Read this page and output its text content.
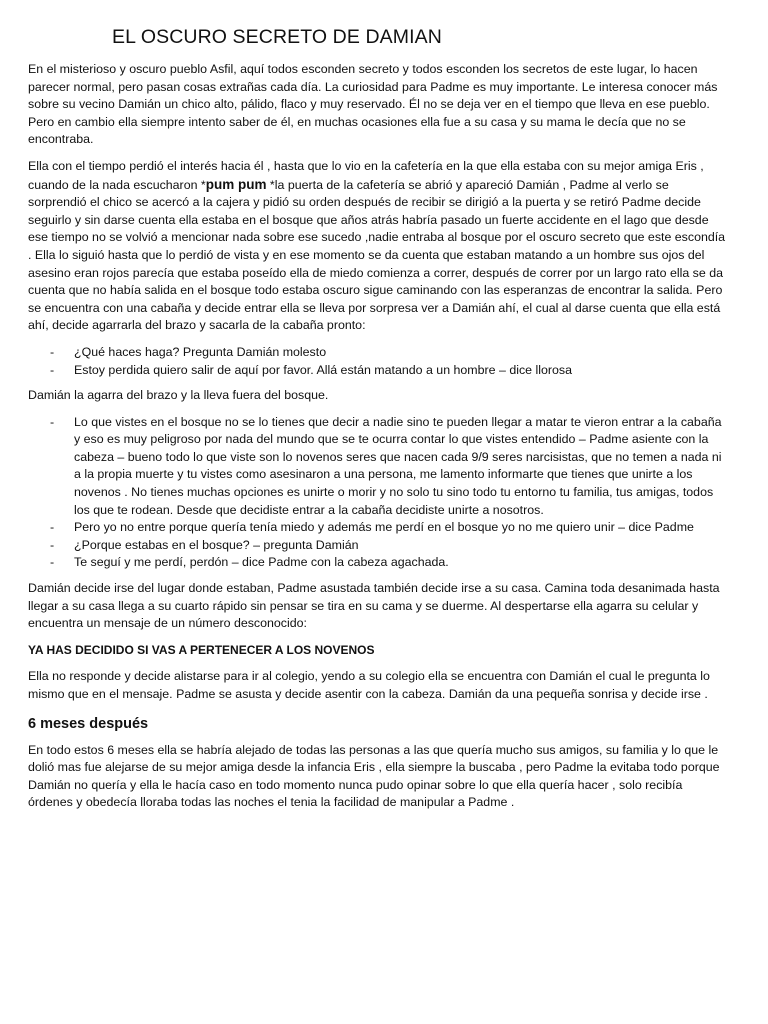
EL OSCURO SECRETO DE DAMIAN

En el misterioso y oscuro pueblo Asfil, aquí todos esconden secreto y todos esconden los secretos de este lugar, lo hacen parecer normal, pero pasan cosas extrañas cada día. La curiosidad para Padme es muy importante. Le interesa conocer más sobre su vecino Damián un chico alto, pálido, flaco y muy reservado. Él no se deja ver en el tiempo que lleva en ese pueblo. Pero en cambio ella siempre intento saber de él, en muchas ocasiones ella fue a su casa y su mama le decía que no se encontraba.

Ella con el tiempo perdió el interés hacia él , hasta que lo vio en la cafetería en la que ella estaba con su mejor amiga Eris , cuando de la nada escucharon *pum pum *la puerta de la cafetería se abrió y apareció Damián , Padme al verlo se sorprendió el chico se acercó a la cajera y pidió su orden después de recibir se dirigió a la puerta y se retiró Padme decide seguirlo y sin darse cuenta ella estaba en el bosque que años atrás habría pasado un fuerte accidente en el lago que desde ese tiempo no se volvió a mencionar nada sobre ese sucedo ,nadie entraba al bosque por el oscuro secreto que este escondía . Ella lo siguió hasta que lo perdió de vista y en ese momento se da cuenta que estaban matando a un hombre sus ojos del asesino eran rojos parecía que estaba poseído ella de miedo comienza a correr, después de correr por un largo rato ella se da cuenta que no había salida en el bosque todo estaba oscuro sigue caminando con las esperanzas de encontrar la salida. Pero se encuentra con una cabaña y decide entrar ella se lleva por sorpresa ver a Damián ahí, el cual al darse cuenta que ella está ahí, decide agarrarla del brazo y sacarla de la cabaña pronto:

- ¿Qué haces haga? Pregunta Damián molesto
- Estoy perdida quiero salir de aquí por favor. Allá están matando a un hombre – dice llorosa

Damián la agarra del brazo y la lleva fuera del bosque.

- Lo que vistes en el bosque no se lo tienes que decir a nadie sino te pueden llegar a matar te vieron entrar a la cabaña y eso es muy peligroso por nada del mundo que se te ocurra contar lo que vistes entendido – Padme asiente con la cabeza – bueno todo lo que viste son lo novenos seres que nacen cada 9/9 seres narcisistas, que no temen a nada ni a la propia muerte y tu vistes como asesinaron a una persona, me lamento informarte que tienes que unirte a los novenos . No tienes muchas opciones es unirte o morir y no solo tu sino todo tu entorno tu familia, tus amigas, todos los que te rodean. Desde que decidiste entrar a la cabaña decidiste unirte a nosotros.
- Pero yo no entre porque quería tenía miedo y además me perdí en el bosque yo no me quiero unir – dice Padme
- ¿Porque estabas en el bosque? – pregunta Damián
- Te seguí y me perdí, perdón – dice Padme con la cabeza agachada.

Damián decide irse del lugar donde estaban, Padme asustada también decide irse a su casa. Camina toda desanimada hasta llegar a su casa llega a su cuarto rápido sin pensar se tira en su cama y se duerme. Al despertarse ella agarra su celular y encuentra un mensaje de un número desconocido:

YA HAS DECIDIDO SI VAS A PERTENECER A LOS NOVENOS

Ella no responde y decide alistarse para ir al colegio, yendo a su colegio ella se encuentra con Damián el cual le pregunta lo mismo que en el mensaje. Padme se asusta y decide asentir con la cabeza. Damián da una pequeña sonrisa y decide irse .

6 meses después

En todo estos 6 meses ella se habría alejado de todas las personas a las que quería mucho sus amigos, su familia y lo que le dolió mas fue alejarse de su mejor amiga desde la infancia Eris , ella siempre la buscaba , pero Padme la evitaba todo porque Damián no quería y ella le hacía caso en todo momento nunca pudo opinar sobre lo que ella quería hacer , solo recibía órdenes y obedecía lloraba todas las noches el tenia la facilidad de manipular a Padme .
